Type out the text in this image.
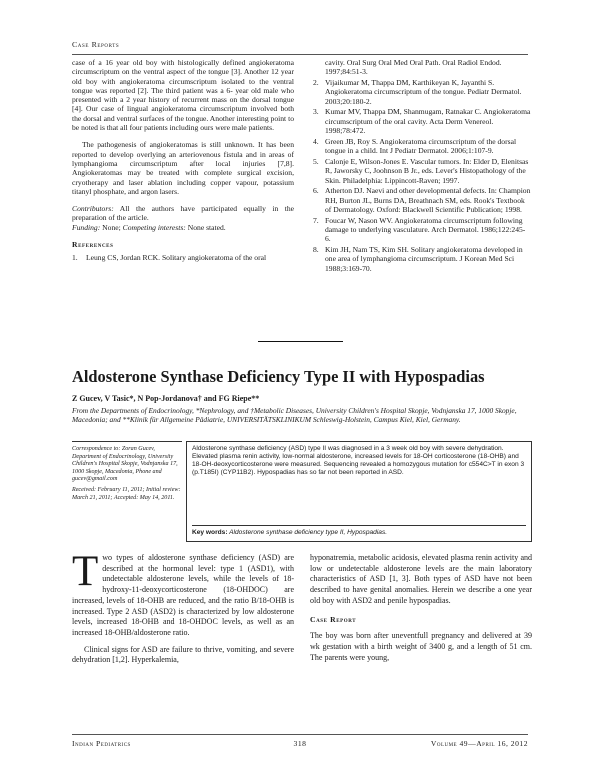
Case Reports

case of a 16 year old boy with histologically defined angiokeratoma circumscriptum on the ventral aspect of the tongue [3]. Another 12 year old boy with angiokeratoma circumscriptum isolated to the ventral tongue was reported [2]. The third patient was a 6- year old male who presented with a 2 year history of recurrent mass on the dorsal tongue [4]. Our case of lingual angiokeratoma circumscriptum involved both the dorsal and ventral surfaces of the tongue. Another interesting point to be noted is that all four patients including ours were male patients.

The pathogenesis of angiokeratomas is still unknown. It has been reported to develop overlying an arteriovenous fistula and in areas of lymphangioma circumscriptum after local injuries [7,8]. Angiokeratomas may be treated with complete surgical excision, cryotherapy and laser ablation including copper vapour, potassium titanyl phosphate, and argon lasers.

Contributors: All the authors have participated equally in the preparation of the article.

Funding: None; Competing interests: None stated.

References
1. Leung CS, Jordan RCK. Solitary angiokeratoma of the oral
cavity. Oral Surg Oral Med Oral Path. Oral Radiol Endod. 1997;84:51-3.
2. Vijaikumar M, Thappa DM, Karthikeyan K, Jayanthi S. Angiokeratoma circumscriptum of the tongue. Pediatr Dermatol. 2003;20:180-2.
3. Kumar MV, Thappa DM, Shanmugam, Ratnakar C. Angiokeratoma circumscriptum of the oral cavity. Acta Derm Venereol. 1998;78:472.
4. Green JB, Roy S. Angiokeratoma circumscriptum of the dorsal tongue in a child. Int J Pediatr Dermatol. 2006;1:107-9.
5. Calonje E, Wilson-Jones E. Vascular tumors. In: Elder D, Elenitsas R, Jaworsky C, Joohnson B Jr., eds. Lever's Histopathology of the Skin. Philadelphia: Lippincott-Raven; 1997.
6. Atherton DJ. Naevi and other developmental defects. In: Champion RH, Burton JL, Burns DA, Breathnach SM, eds. Rook's Textbook of Dermatology. Oxford: Blackwell Scientific Publication; 1998.
7. Foucar W, Nason WV. Angiokeratoma circumscriptum following damage to underlying vasculature. Arch Dermatol. 1986;122:245-6.
8. Kim JH, Nam TS, Kim SH. Solitary angiokeratoma developed in one area of lymphangioma circumscriptum. J Korean Med Sci 1988;3:169-70.
Aldosterone Synthase Deficiency Type II with Hypospadias
Z Gucev, V Tasic*, N Pop-Jordanova† and FG Riepe**
From the Departments of Endocrinology, *Nephrology, and †Metabolic Diseases, University Children's Hospital Skopje, Vodnjanska 17, 1000 Skopje, Macedonia; and **Klinik für Allgemeine Pädiatrie, UNIVERSITÄTSKLINIKUM Schleswig-Holstein, Campus Kiel, Kiel, Germany.
Correspondence to: Zoran Gucev, Department of Endocrinology, University Children's Hospital Skopje, Vodnjanska 17, 1000 Skopje, Macedonia, Phone and gucev@gmail.com
Received: February 11, 2011; Initial review: March 21, 2011; Accepted: May 14, 2011.
Aldosterone synthase deficiency (ASD) type II was diagnosed in a 3 week old boy with severe dehydration. Elevated plasma renin activity, low-normal aldosterone, increased levels for 18-OH corticosterone (18-OHB) and 18-OH-deoxycorticosterone were measured. Sequencing revealed a homozygous mutation for c554C>T in exon 3 (p.T185I) (CYP11B2). Hypospadias has so far not been reported in ASD.
Key words: Aldosterone synthase deficiency type II, Hypospadias.

Two types of aldosterone synthase deficiency (ASD) are described at the hormonal level: type 1 (ASD1), with undetectable aldosterone levels, while the levels of 18-hydroxy-11-deoxycorticosterone (18-OHDOC) are increased, levels of 18-OHB are reduced, and the ratio B/18-OHB is increased. Type 2 ASD (ASD2) is characterized by low aldosterone levels, increased 18-OHB and 18-OHDOC levels, as well as an increased 18-OHB/aldosterone ratio.

Clinical signs for ASD are failure to thrive, vomiting, and severe dehydration [1,2]. Hyperkalemia,

hyponatremia, metabolic acidosis, elevated plasma renin activity and low or undetectable aldosterone levels are the main laboratory characteristics of ASD [1, 3]. Both types of ASD have not been described to have genital anomalies. Herein we describe a one year old boy with ASD2 and penile hypospadias.

Case Report

The boy was born after uneventfull pregnancy and delivered at 39 wk gestation with a birth weight of 3400 g, and a length of 51 cm. The parents were young,

Indian Pediatrics	318	Volume 49—April 16, 2012
